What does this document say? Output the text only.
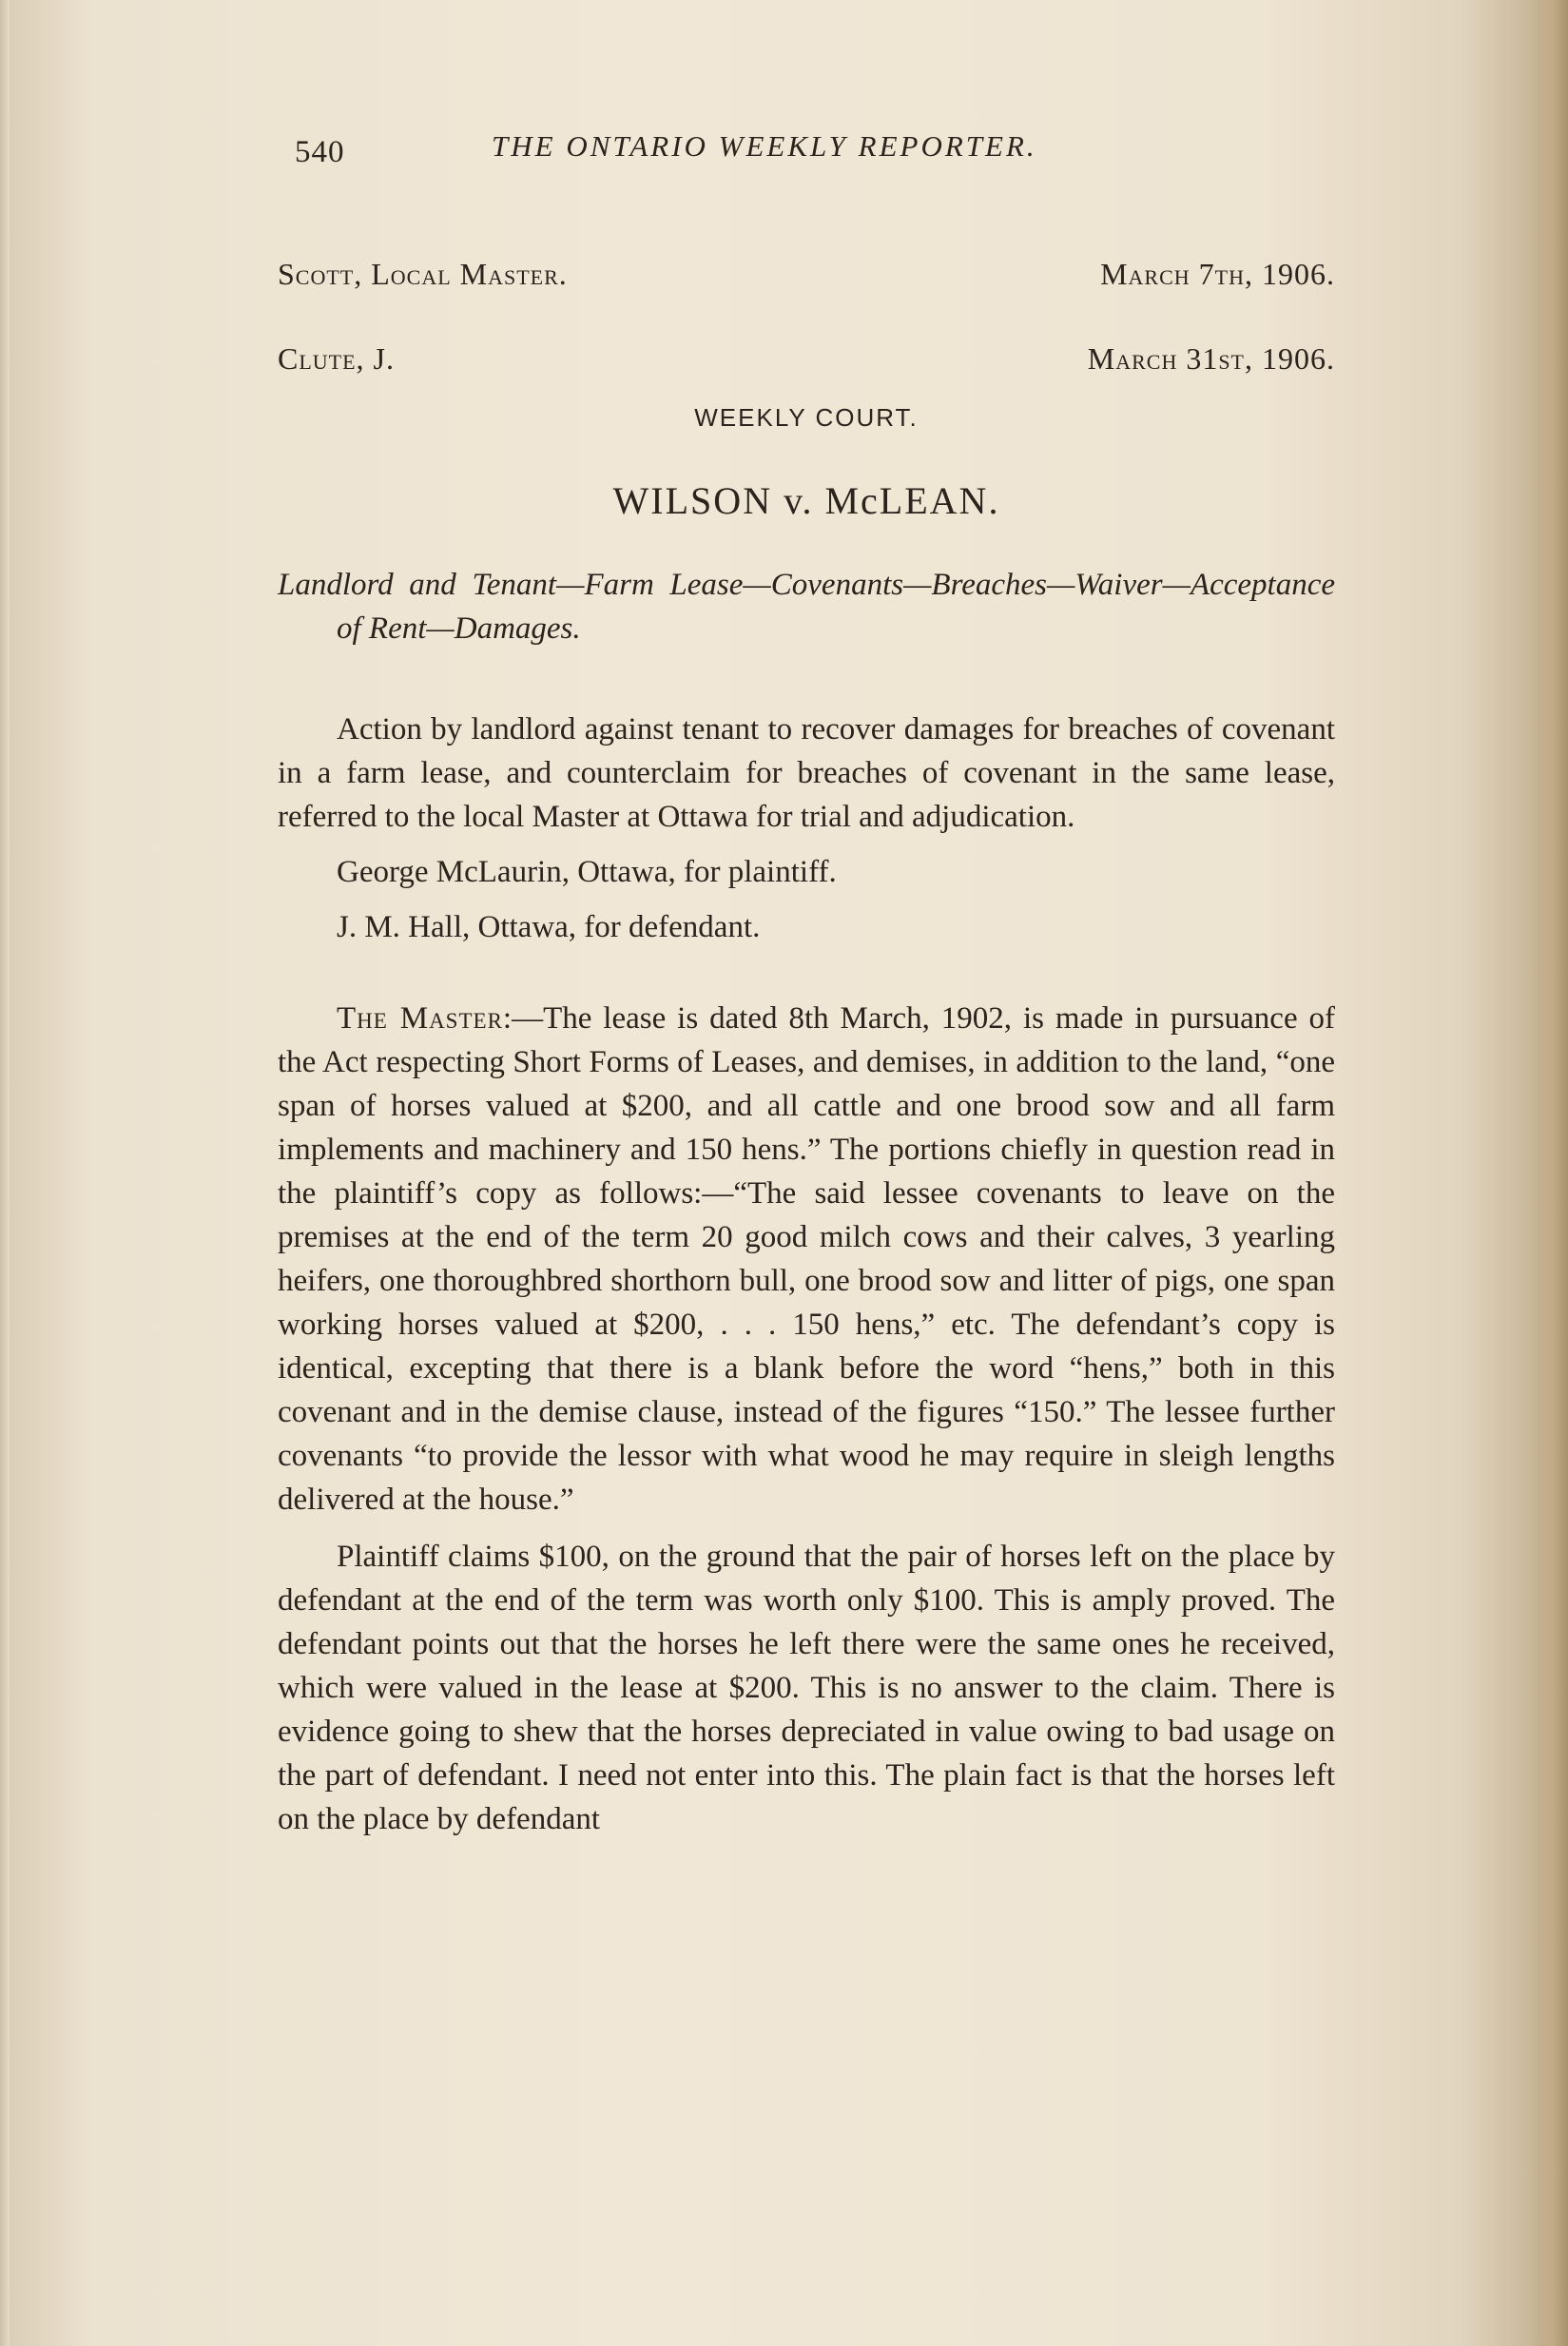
540	THE ONTARIO WEEKLY REPORTER.
Scott, Local Master.	March 7th, 1906.
Clute, J.	March 31st, 1906.
WEEKLY COURT.
WILSON v. McLEAN.
Landlord and Tenant—Farm Lease—Covenants—Breaches—Waiver—Acceptance of Rent—Damages.

Action by landlord against tenant to recover damages for breaches of covenant in a farm lease, and counterclaim for breaches of covenant in the same lease, referred to the local Master at Ottawa for trial and adjudication.

George McLaurin, Ottawa, for plaintiff.
J. M. Hall, Ottawa, for defendant.

The Master:—The lease is dated 8th March, 1902, is made in pursuance of the Act respecting Short Forms of Leases, and demises, in addition to the land, “one span of horses valued at $200, and all cattle and one brood sow and all farm implements and machinery and 150 hens.” The portions chiefly in question read in the plaintiff’s copy as follows:—“The said lessee covenants to leave on the premises at the end of the term 20 good milch cows and their calves, 3 yearling heifers, one thoroughbred shorthorn bull, one brood sow and litter of pigs, one span working horses valued at $200, . . . 150 hens,” etc. The defendant’s copy is identical, excepting that there is a blank before the word “hens,” both in this covenant and in the demise clause, instead of the figures “150.” The lessee further covenants “to provide the lessor with what wood he may require in sleigh lengths delivered at the house.”

Plaintiff claims $100, on the ground that the pair of horses left on the place by defendant at the end of the term was worth only $100. This is amply proved. The defendant points out that the horses he left there were the same ones he received, which were valued in the lease at $200. This is no answer to the claim. There is evidence going to shew that the horses depreciated in value owing to bad usage on the part of defendant. I need not enter into this. The plain fact is that the horses left on the place by defendant
